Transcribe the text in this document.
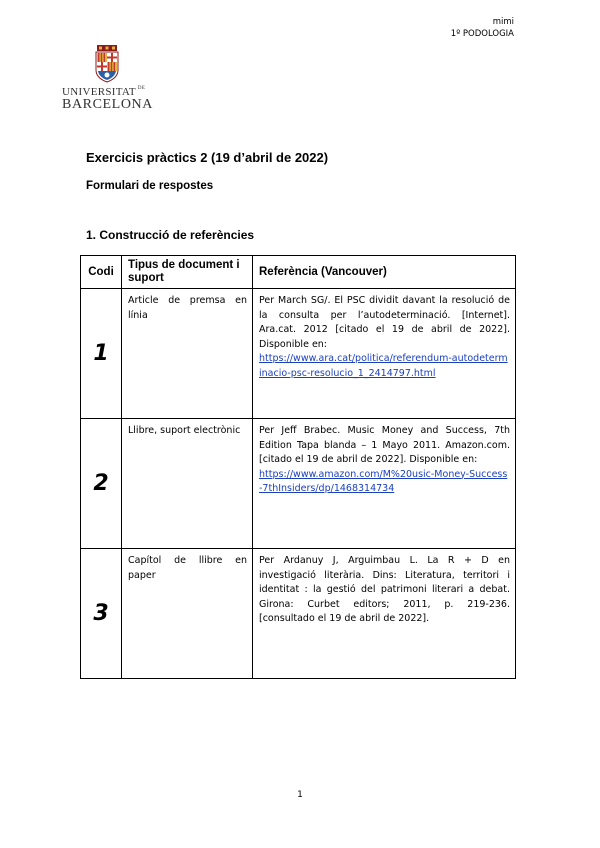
mimi
1º PODOLOGIA
UNIVERSITAT $^{DE}$
BARCELONA
Exercicis pràctics 2 (19 d’abril de 2022)
Formulari de respostes
1. Construcció de referències
Codi	Tipus de document i suport	Referència (Vancouver)
1	Article de premsa en línia	Per March SG/. El PSC dividit davant la resolució de la consulta per l’autodeterminació. [Internet]. Ara.cat. 2012 [citado el 19 de abril de 2022]. Disponible en:
https://www.ara.cat/politica/referendum-autodeterminacio-psc-resolucio_1_2414797.html

2	Llibre, suport electrònic	Per Jeff Brabec. Music Money and Success, 7th Edition Tapa blanda – 1 Mayo 2011. Amazon.com. [citado el 19 de abril de 2022]. Disponible en:
https://www.amazon.com/M%20usic-Money-Success-7thInsiders/dp/1468314734

3	Capítol de llibre en paper	Per Ardanuy J, Arguimbau L. La R + D en investigació literària. Dins: Literatura, territori i identitat : la gestió del patrimoni literari a debat. Girona: Curbet editors; 2011, p. 219-236. [consultado el 19 de abril de 2022].
1
